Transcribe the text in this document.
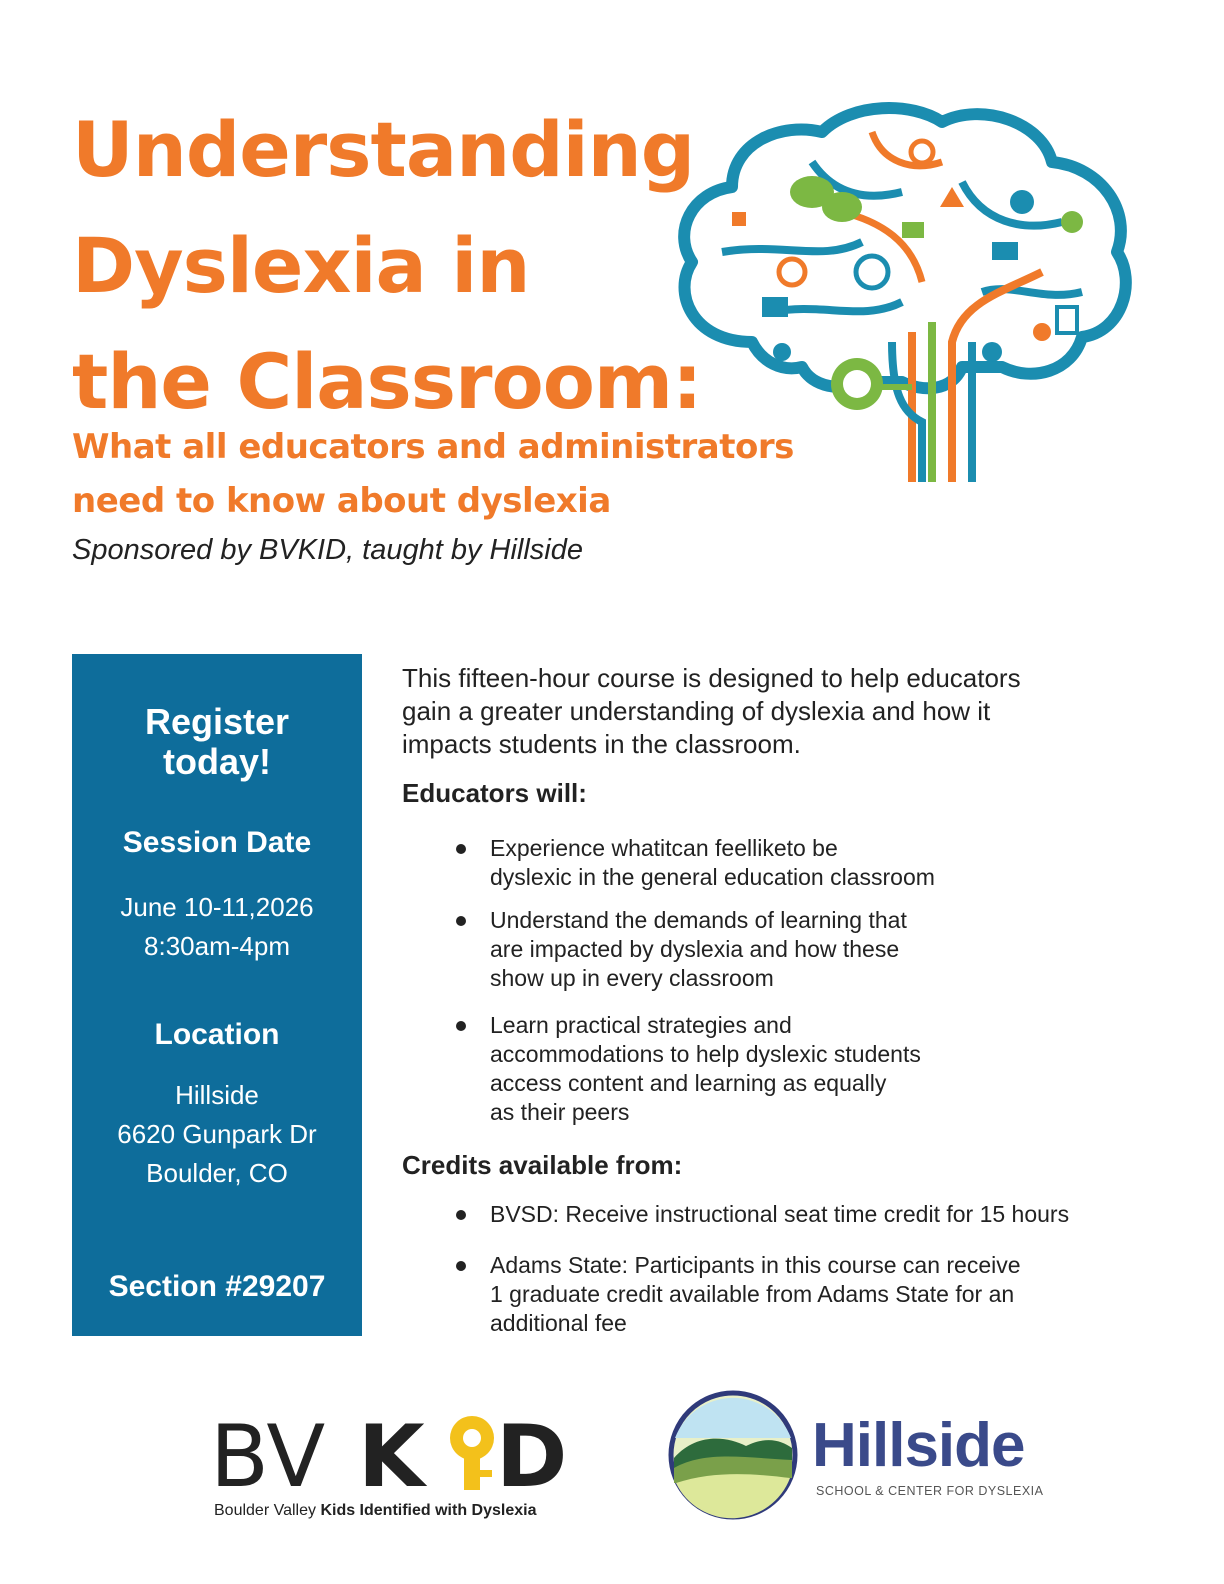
Understanding
Dyslexia in
the Classroom:
What all educators and administrators
need to know about dyslexia

Sponsored by BVKID, taught by Hillside

Register
today!
Session Date
June 10-11,2026
8:30am-4pm
Location
Hillside
6620 Gunpark Dr
Boulder, CO
Section #29207

This fifteen-hour course is designed to help educators
gain a greater understanding of dyslexia and how it
impacts students in the classroom.

Educators will:
Experience whatitcan feelliketo be
dyslexic in the general education classroom
Understand the demands of learning that
are impacted by dyslexia and how these
show up in every classroom
Learn practical strategies and
accommodations to help dyslexic students
access content and learning as equally
as their peers
Credits available from:
BVSD: Receive instructional seat time credit for 15 hours
Adams State: Participants in this course can receive
1 graduate credit available from Adams State for an
additional fee
BV K D
Boulder Valley Kids Identified with Dyslexia
Hillside
SCHOOL & CENTER FOR DYSLEXIA
